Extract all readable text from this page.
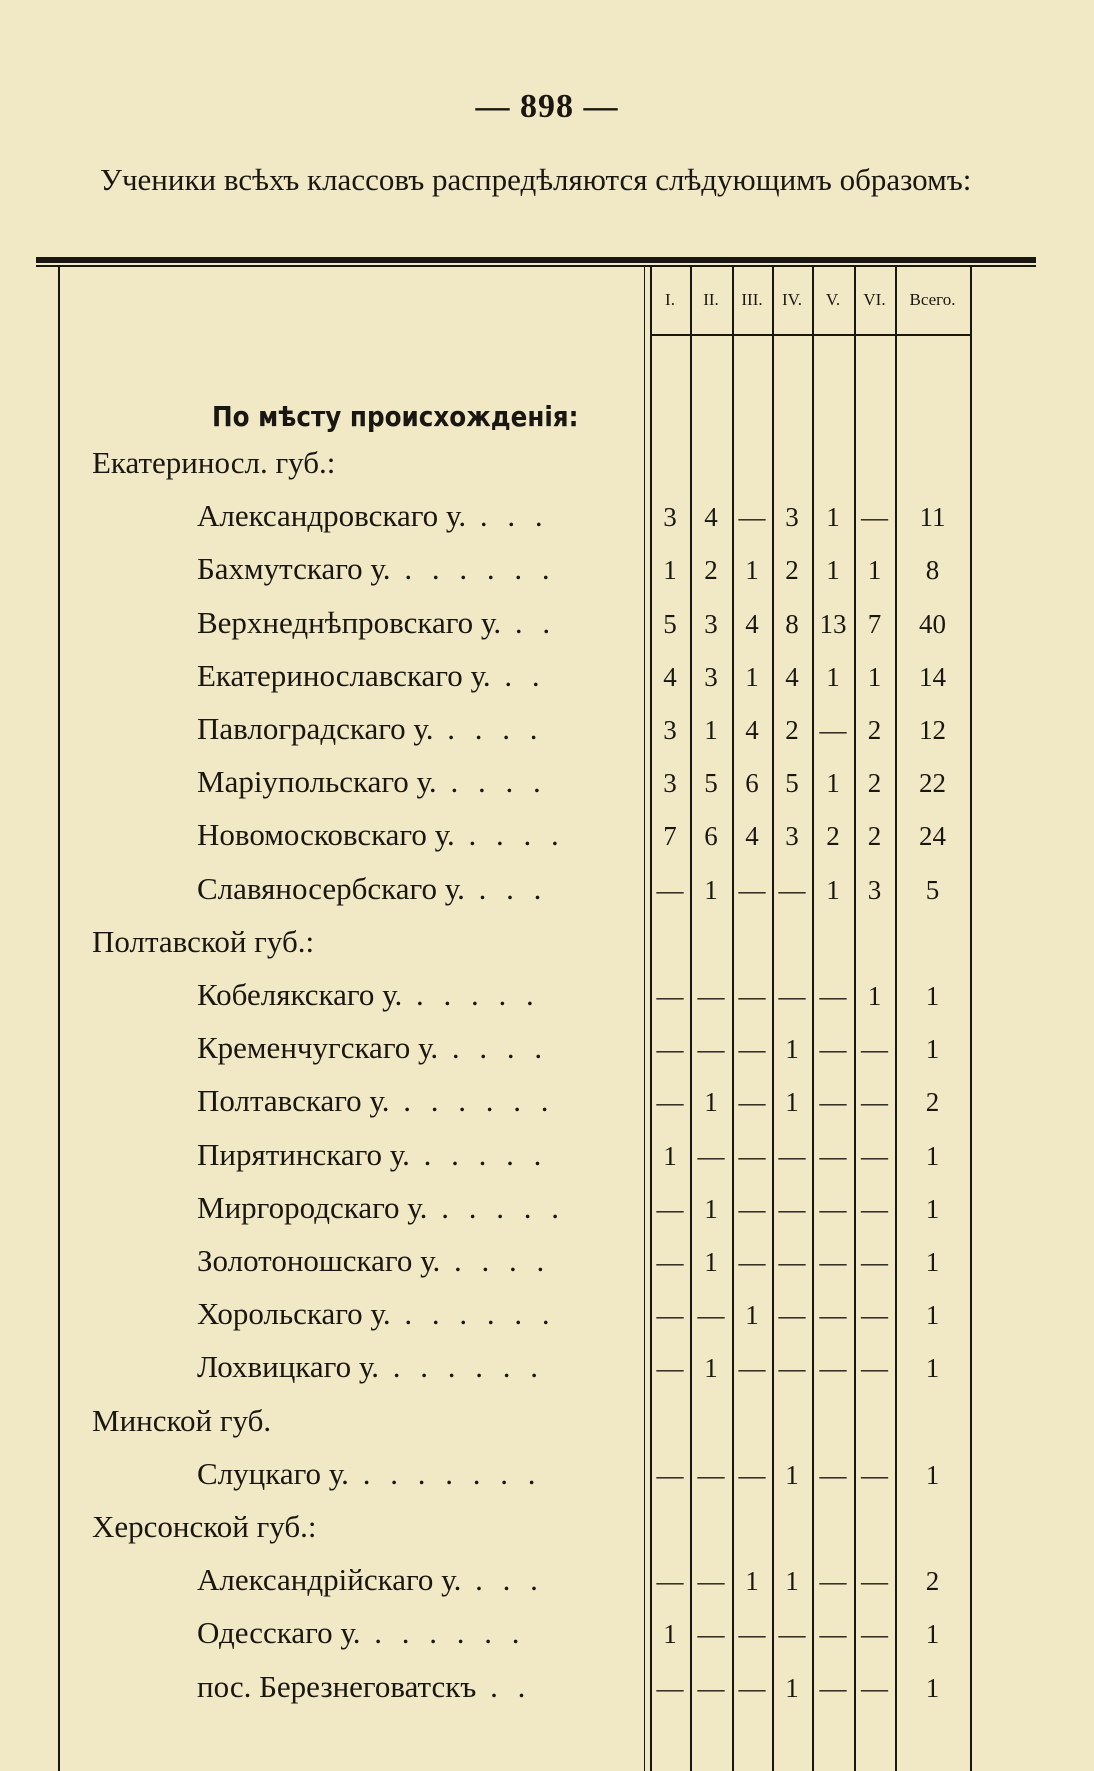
— 898 —
Ученики всѣхъ классовъ распредѣляются слѣдующимъ образомъ:
I.	II.	III.	IV.	V.	VI.	Всего.
По мѣсту происхожденія:
Екатериносл. губ.:
Александровскаго у. . . .	3	4 — 3	1 —	11
Бахмутскаго у. . . . . . .	1	2	1 2	1	1	8
Верхнеднѣпровскаго у. . .	5	3	4 8 13 7	40
Екатеринославскаго у. . .	4	3	1 4	1	1	14
Павлоградскаго у. . . . .	3	1	4 2 — 2	12
Маріупольскаго у. . . . .	3	5	6 5	1	2	22
Новомосковскаго у. . . . .	7	6	4 3	2	2	24
Славяносербскаго у. . . .	— 1 — — 1	3	5
Полтавской губ.:
Кобелякскаго у. . . . . .	— — — — — 1	1
Кременчугскаго у. . . . .	— — — 1 — —	1
Полтавскаго у. . . . . . .	— 1 — 1 — —	2
Пирятинскаго у. . . . . .	1 — — — — —	1
Миргородскаго у. . . . . .	— 1 — — — —	1
Золотоношскаго у. . . . .	— 1 — — — —	1
Хорольскаго у. . . . . . .	— — 1 — — —	1
Лохвицкаго у. . . . . . .	— 1 — — — —	1
Минской губ.
Слуцкаго у. . . . . . . .	— — — 1 — —	1
Херсонской губ.:
Александрійскаго у. . . .	— — 1 1 — —	2
Одесскаго у. . . . . . .	1 — — — — —	1
пос. Березнеговатскъ . .	— — — 1 — —	1
